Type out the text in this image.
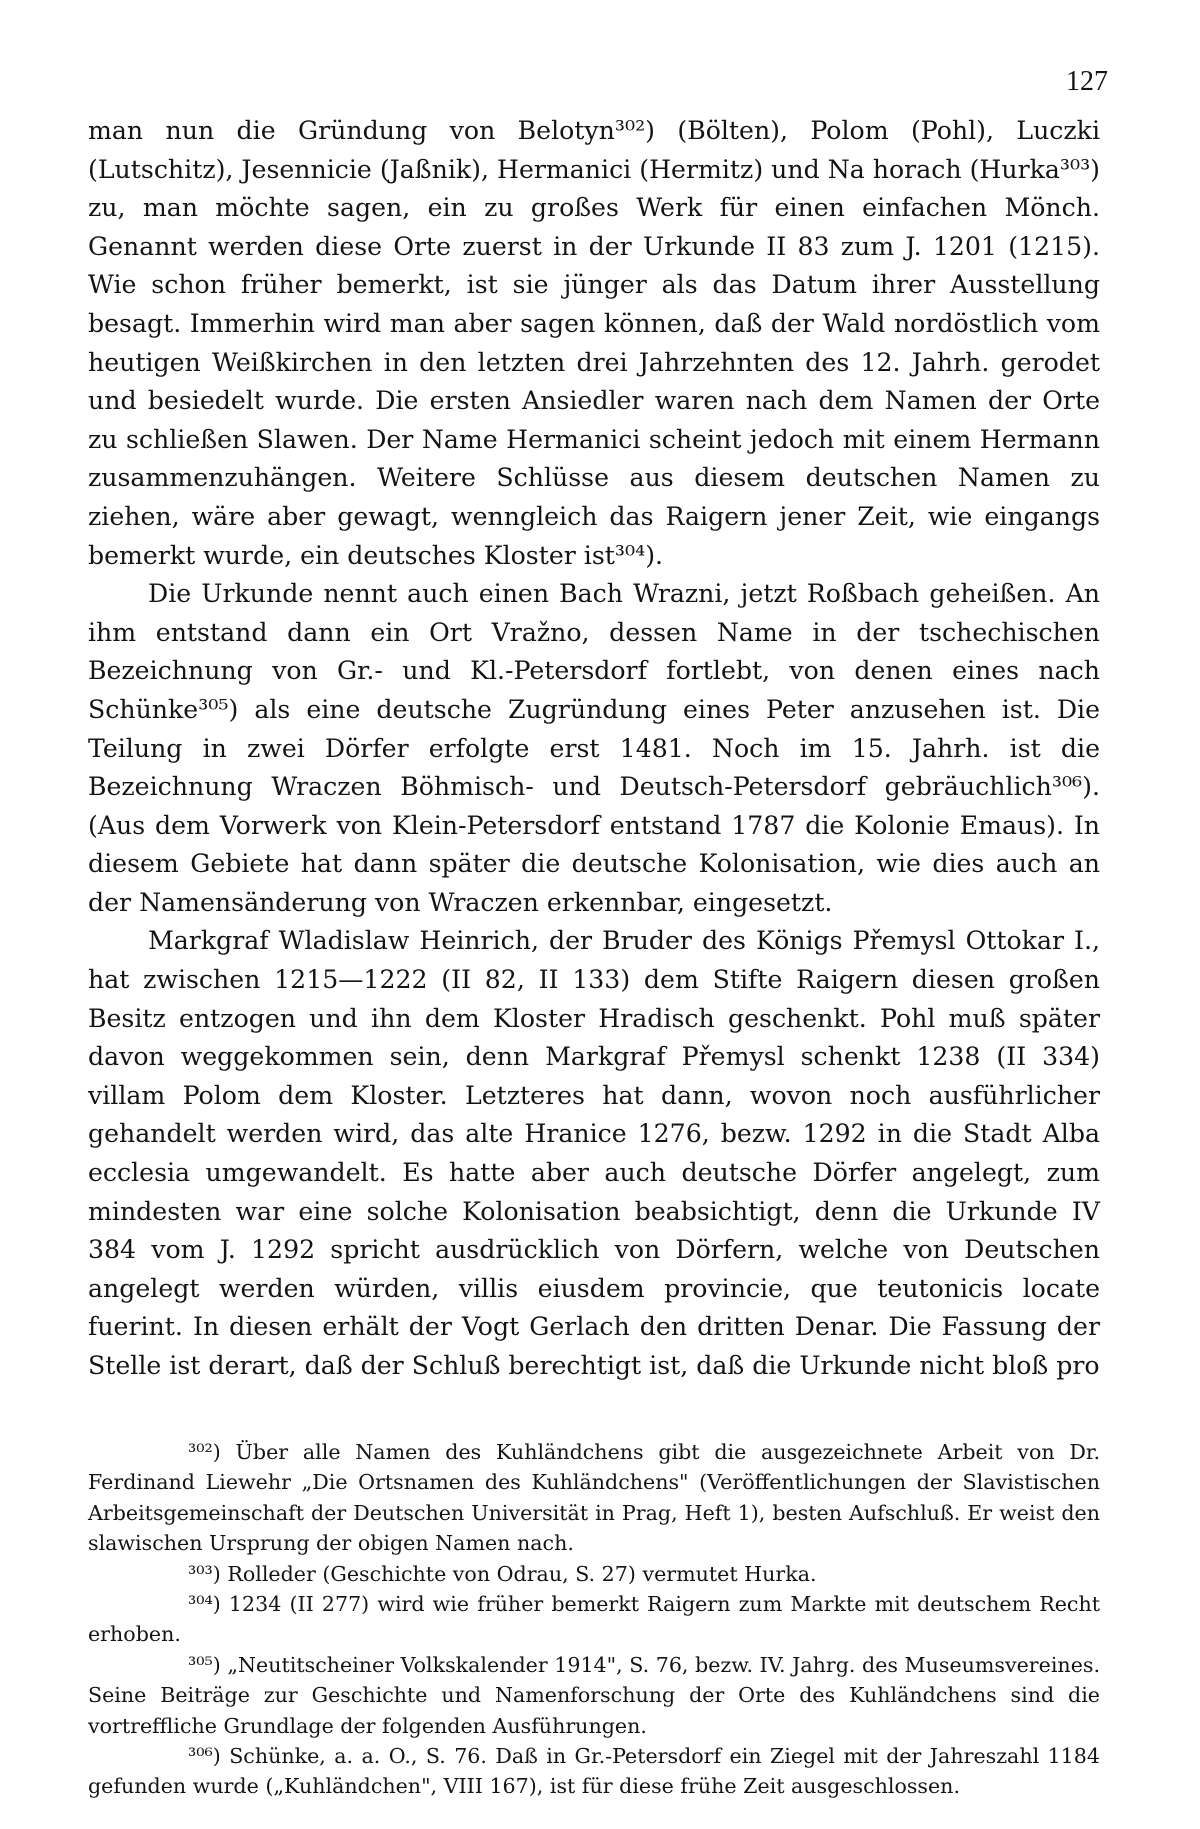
127

man nun die Gründung von Belotyn³⁰²) (Bölten), Polom (Pohl), Luczki (Lutschitz), Jesennicie (Jaßnik), Hermanici (Hermitz) und Na horach (Hurka³⁰³) zu, man möchte sagen, ein zu großes Werk für einen einfachen Mönch. Genannt werden diese Orte zuerst in der Urkunde II 83 zum J. 1201 (1215). Wie schon früher bemerkt, ist sie jünger als das Datum ihrer Ausstellung besagt. Immerhin wird man aber sagen können, daß der Wald nordöstlich vom heutigen Weißkirchen in den letzten drei Jahrzehnten des 12. Jahrh. gerodet und besiedelt wurde. Die ersten Ansiedler waren nach dem Namen der Orte zu schließen Slawen. Der Name Hermanici scheint jedoch mit einem Hermann zusammenzuhängen. Weitere Schlüsse aus diesem deutschen Namen zu ziehen, wäre aber gewagt, wenngleich das Raigern jener Zeit, wie eingangs bemerkt wurde, ein deutsches Kloster ist³⁰⁴).

Die Urkunde nennt auch einen Bach Wrazni, jetzt Roßbach geheißen. An ihm entstand dann ein Ort Vražno, dessen Name in der tschechischen Bezeichnung von Gr.- und Kl.-Petersdorf fortlebt, von denen eines nach Schünke³⁰⁵) als eine deutsche Zugründung eines Peter anzusehen ist. Die Teilung in zwei Dörfer erfolgte erst 1481. Noch im 15. Jahrh. ist die Bezeichnung Wraczen Böhmisch- und Deutsch-Petersdorf gebräuchlich³⁰⁶). (Aus dem Vorwerk von Klein-Petersdorf entstand 1787 die Kolonie Emaus). In diesem Gebiete hat dann später die deutsche Kolonisation, wie dies auch an der Namensänderung von Wraczen erkennbar, eingesetzt.

Markgraf Wladislaw Heinrich, der Bruder des Königs Přemysl Ottokar I., hat zwischen 1215—1222 (II 82, II 133) dem Stifte Raigern diesen großen Besitz entzogen und ihn dem Kloster Hradisch geschenkt. Pohl muß später davon weggekommen sein, denn Markgraf Přemysl schenkt 1238 (II 334) villam Polom dem Kloster. Letzteres hat dann, wovon noch ausführlicher gehandelt werden wird, das alte Hranice 1276, bezw. 1292 in die Stadt Alba ecclesia umgewandelt. Es hatte aber auch deutsche Dörfer angelegt, zum mindesten war eine solche Kolonisation beabsichtigt, denn die Urkunde IV 384 vom J. 1292 spricht ausdrücklich von Dörfern, welche von Deutschen angelegt werden würden, villis eiusdem provincie, que teutonicis locate fuerint. In diesen erhält der Vogt Gerlach den dritten Denar. Die Fassung der Stelle ist derart, daß der Schluß berechtigt ist, daß die Urkunde nicht bloß pro

³⁰²) Über alle Namen des Kuhländchens gibt die ausgezeichnete Arbeit von Dr. Ferdinand Liewehr „Die Ortsnamen des Kuhländchens" (Veröffentlichungen der Slavistischen Arbeitsgemeinschaft der Deutschen Universität in Prag, Heft 1), besten Aufschluß. Er weist den slawischen Ursprung der obigen Namen nach.

³⁰³) Rolleder (Geschichte von Odrau, S. 27) vermutet Hurka.

³⁰⁴) 1234 (II 277) wird wie früher bemerkt Raigern zum Markte mit deutschem Recht erhoben.

³⁰⁵) „Neutitscheiner Volkskalender 1914", S. 76, bezw. IV. Jahrg. des Museumsvereines. Seine Beiträge zur Geschichte und Namenforschung der Orte des Kuhländchens sind die vortreffliche Grundlage der folgenden Ausführungen.

³⁰⁶) Schünke, a. a. O., S. 76. Daß in Gr.-Petersdorf ein Ziegel mit der Jahreszahl 1184 gefunden wurde („Kuhländchen", VIII 167), ist für diese frühe Zeit ausgeschlossen.
